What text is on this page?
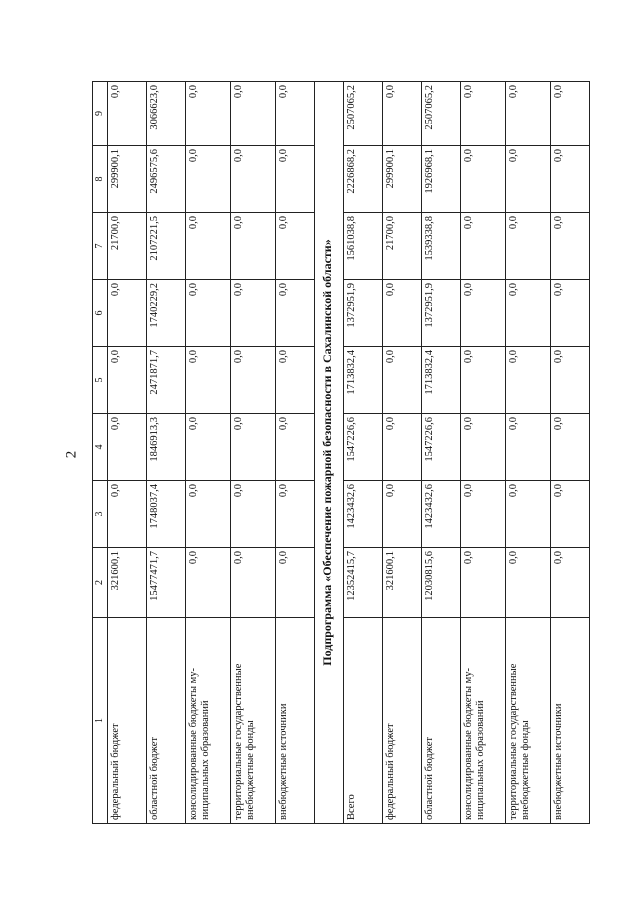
2
1	2	3	4	5	6	7	8	9
федеральный бюджет	321600,1	0,0	0,0	0,0	0,0	21700,0	299900,1	0,0
областной бюджет	15477471,7	1748037,4	1846913,3	2471871,7	1740229,2	2107221,5	2496575,6	3066623,0
консолидированные бюджеты му-ниципальных образований	0,0	0,0	0,0	0,0	0,0	0,0	0,0	0,0
территориальные государственные внебюджетные фонды	0,0	0,0	0,0	0,0	0,0	0,0	0,0	0,0
внебюджетные источники	0,0	0,0	0,0	0,0	0,0	0,0	0,0	0,0
Подпрограмма «Обеспечение пожарной безопасности в Сахалинской области»								
Всего	12352415,7	1423432,6	1547226,6	1713832,4	1372951,9	1561038,8	2226868,2	2507065,2
федеральный бюджет	321600,1	0,0	0,0	0,0	0,0	21700,0	299900,1	0,0
областной бюджет	12030815,6	1423432,6	1547226,6	1713832,4	1372951,9	1539338,8	1926968,1	2507065,2
консолидированные бюджеты му-ниципальных образований	0,0	0,0	0,0	0,0	0,0	0,0	0,0	0,0
территориальные государственные внебюджетные фонды	0,0	0,0	0,0	0,0	0,0	0,0	0,0	0,0
внебюджетные источники	0,0	0,0	0,0	0,0	0,0	0,0	0,0	0,0
